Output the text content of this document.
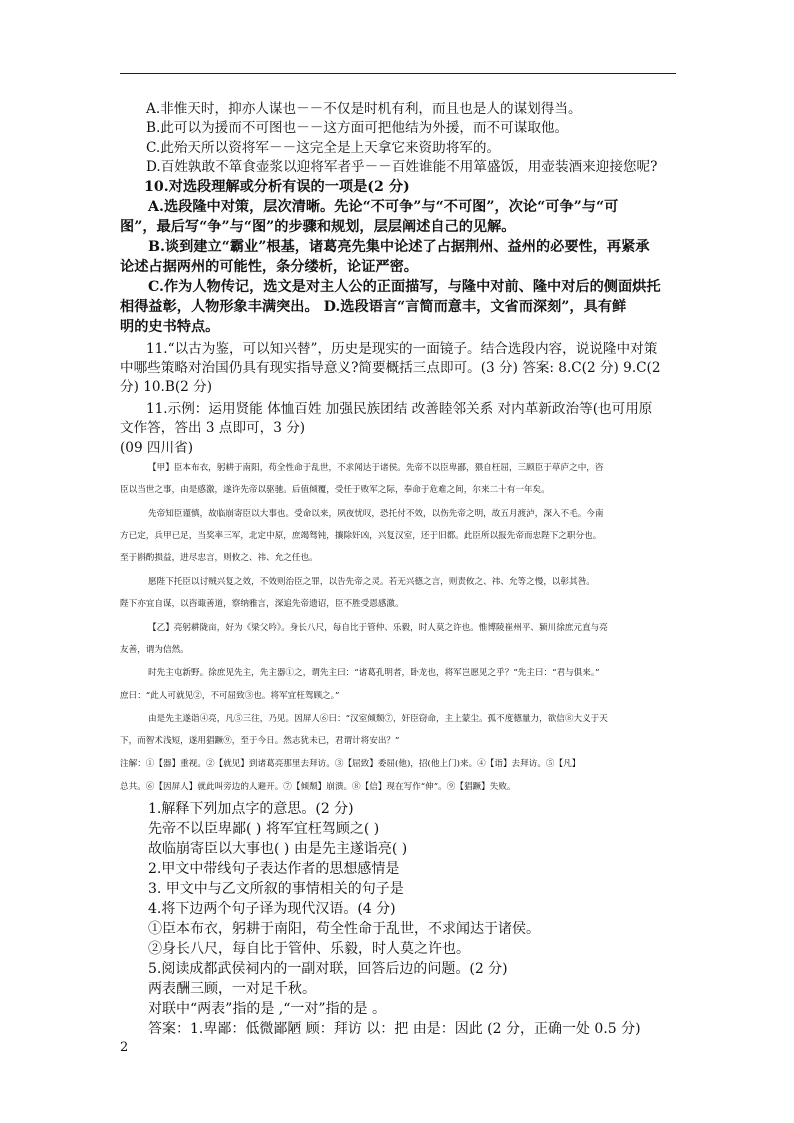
A.非惟天时，抑亦人谋也－－不仅是时机有利，而且也是人的谋划得当。
B.此可以为援而不可图也－－这方面可把他结为外援，而不可谋取他。
C.此殆天所以资将军－－这完全是上天拿它来资助将军的。
D.百姓孰敢不箪食壶浆以迎将军者乎－－百姓谁能不用箪盛饭，用壶装酒来迎接您呢?
10.对选段理解或分析有误的一项是(2 分)
A.选段隆中对策，层次清晰。先论“不可争”与“不可图”，次论“可争”与“可
图”，最后写“争”与“图”的步骤和规划，层层阐述自己的见解。
B.谈到建立“霸业”根基，诸葛亮先集中论述了占据荆州、益州的必要性，再紧承
论述占据两州的可能性，条分缕析，论证严密。
C.作为人物传记，选文是对主人公的正面描写，与隆中对前、隆中对后的侧面烘托
相得益彰，人物形象丰满突出。 D.选段语言“言简而意丰，文省而深刻”，具有鲜
明的史书特点。
11.“以古为鉴，可以知兴替”，历史是现实的一面镜子。结合选段内容，说说隆中对策
中哪些策略对治国仍具有现实指导意义?简要概括三点即可。(3 分) 答案: 8.C(2 分) 9.C(2
分) 10.B(2 分)
11.示例：运用贤能 体恤百姓 加强民族团结 改善睦邻关系 对内革新政治等(也可用原
文作答，答出 3 点即可，3 分)
(09 四川省)
【甲】臣本布衣，躬耕于南阳，苟全性命于乱世，不求闻达于诸侯。先帝不以臣卑鄙，猥自枉屈，三顾臣于草庐之中，咨
臣以当世之事，由是感激，遂许先帝以驱驰。后值倾覆，受任于败军之际，奉命于危难之间，尔来二十有一年矣。
先帝知臣谨慎，故临崩寄臣以大事也。受命以来，夙夜忧叹，恐托付不效，以伤先帝之明，故五月渡泸，深入不毛。今南
方已定，兵甲已足，当奖率三军，北定中原，庶竭驽钝，攘除奸凶，兴复汉室，还于旧都。此臣所以报先帝而忠陛下之职分也。
至于斟酌损益，进尽忠言，则攸之、祎、允之任也。
愿陛下托臣以讨贼兴复之效，不效则治臣之罪，以告先帝之灵。若无兴德之言，则责攸之、祎、允等之慢，以彰其咎。
陛下亦宜自谋，以咨诹善道，察纳雅言，深追先帝遗诏，臣不胜受恩感激。
【乙】亮躬耕陇亩，好为《梁父吟》。身长八尺，每自比于管仲、乐毅，时人莫之许也。惟博陵崔州平、颍川徐庶元直与亮
友善，谓为信然。
时先主屯新野。徐庶见先主，先主器①之，谓先主曰：“诸葛孔明者，卧龙也，将军岂愿见之乎？”先主曰：“君与俱来。”
庶曰：“此人可就见②，不可屈致③也。将军宜枉驾顾之。”
由是先主遂诣④亮，凡⑤三往，乃见。因屏人⑥曰：“汉室倾颓⑦，奸臣窃命，主上蒙尘。孤不度德量力，欲信⑧大义于天
下，而智术浅短，遂用猖蹶⑨，至于今日。然志犹未已，君谓计将安出？”
注解：①【器】重视。②【就见】到诸葛亮那里去拜访。③【屈致】委屈(他)，招(他上门)来。④【诣】去拜访。⑤【凡】
总共。⑥【因屏人】就此叫旁边的人避开。⑦【倾颓】崩溃。⑧【信】现在写作“伸”。⑨【猖蹶】失败。
1.解释下列加点字的意思。(2 分)
先帝不以臣卑鄙( ) 将军宜枉驾顾之( )
故临崩寄臣以大事也( ) 由是先主遂诣亮( )
2.甲文中带线句子表达作者的思想感情是
3. 甲文中与乙文所叙的事情相关的句子是
4.将下边两个句子译为现代汉语。(4 分)
①臣本布衣，躬耕于南阳，苟全性命于乱世，不求闻达于诸侯。
②身长八尺，每自比于管仲、乐毅，时人莫之许也。
5.阅读成都武侯祠内的一副对联，回答后边的问题。(2 分)
两表酬三顾，一对足千秋。
对联中“两表”指的是 ,“一对”指的是 。
答案：1.卑鄙：低微鄙陋 顾：拜访 以：把 由是：因此 (2 分，正确一处 0.5 分)
2
